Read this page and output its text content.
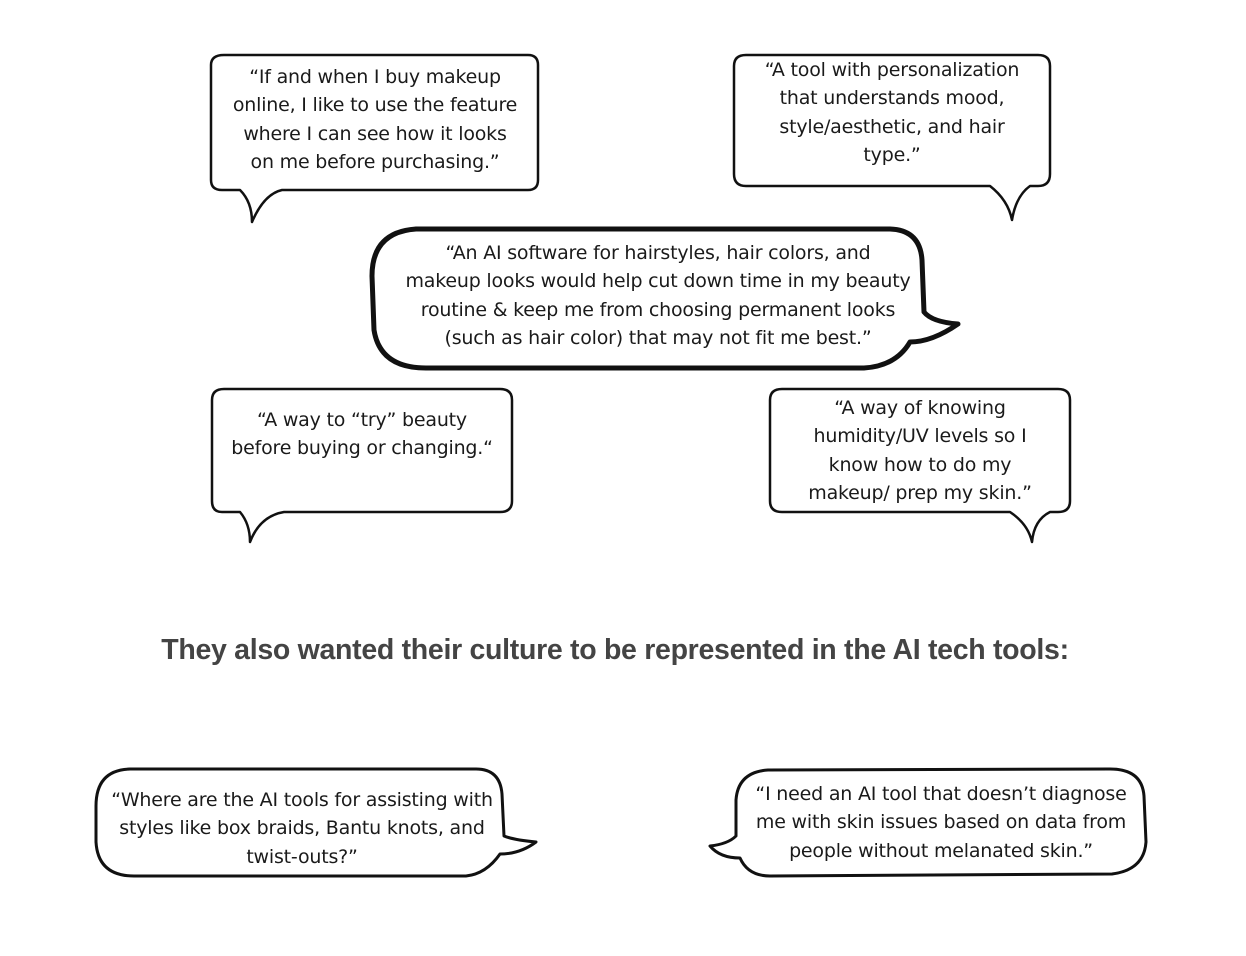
“If and when I buy makeup
online, I like to use the feature
where I can see how it looks
on me before purchasing.”

“A tool with personalization
that understands mood,
style/aesthetic, and hair
type.”

“An AI software for hairstyles, hair colors, and
makeup looks would help cut down time in my beauty
routine & keep me from choosing permanent looks
(such as hair color) that may not fit me best.”

“A way to “try” beauty
before buying or changing.“

“A way of knowing
humidity/UV levels so I
know how to do my
makeup/ prep my skin.”

They also wanted their culture to be represented in the AI tech tools:

“Where are the AI tools for assisting with
styles like box braids, Bantu knots, and
twist-outs?”

“I need an AI tool that doesn’t diagnose
me with skin issues based on data from
people without melanated skin.”
